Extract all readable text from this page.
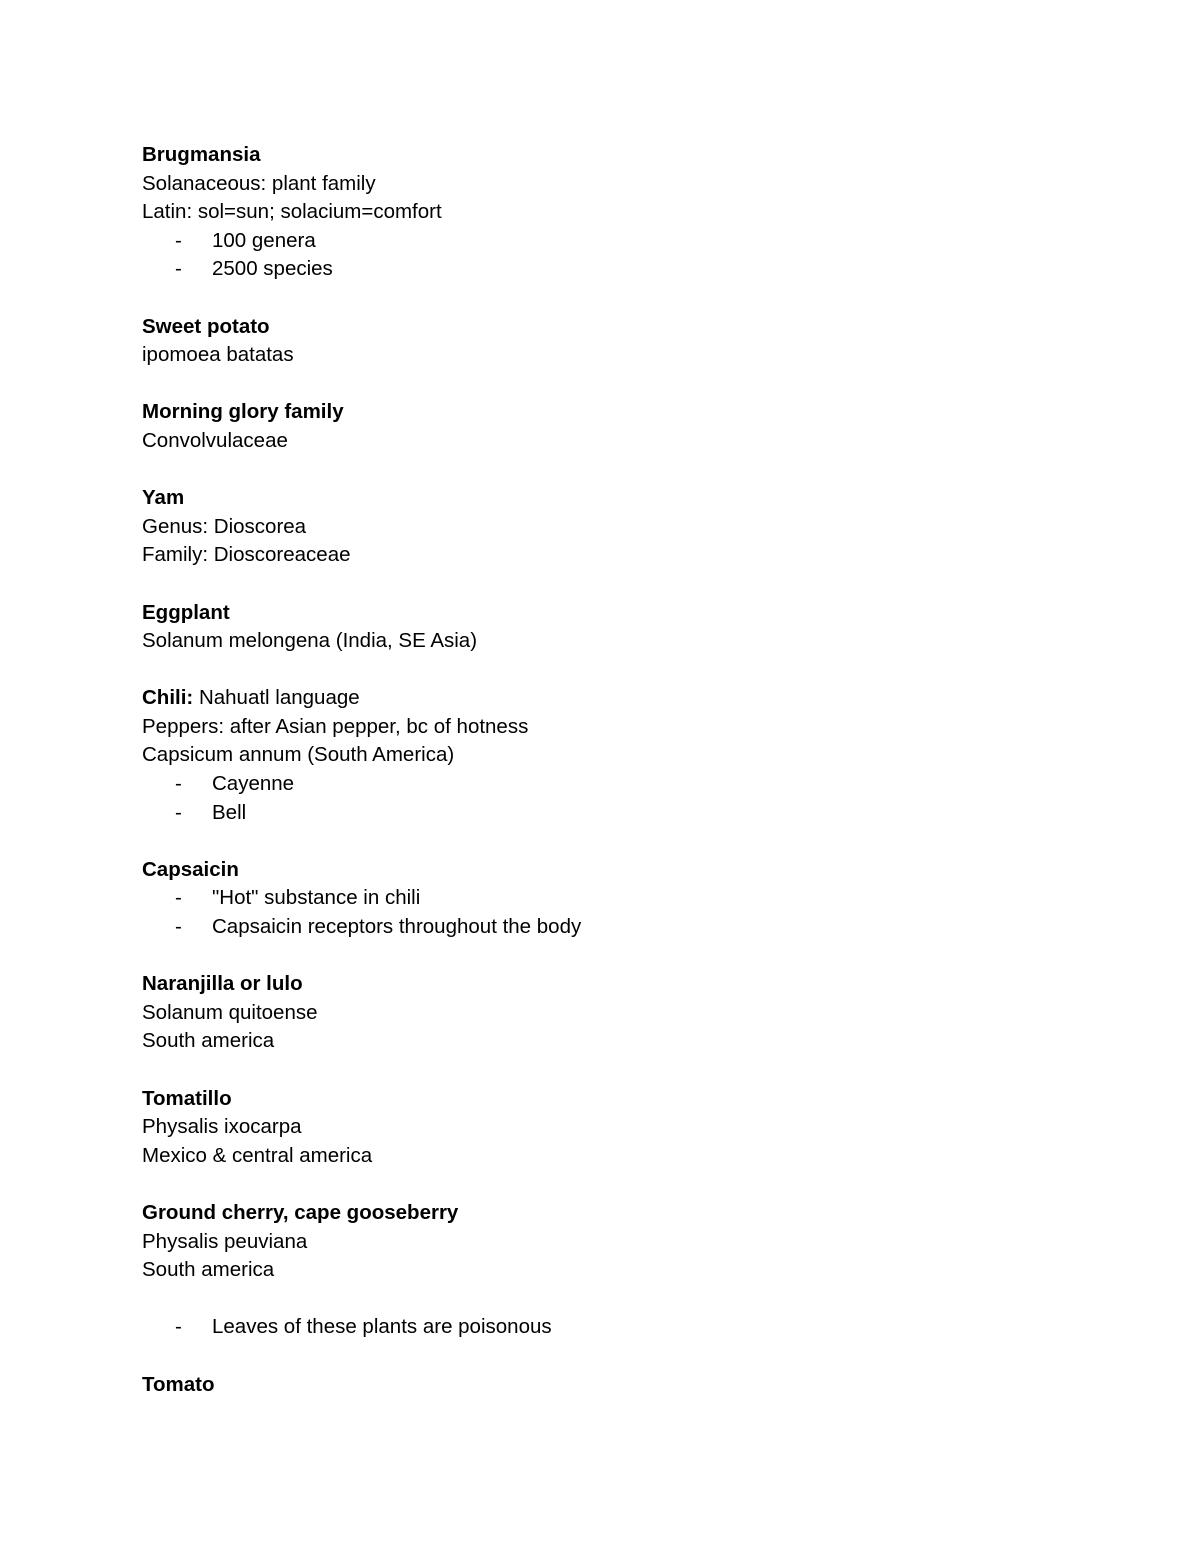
Brugmansia
Solanaceous: plant family
Latin: sol=sun; solacium=comfort
- 100 genera
- 2500 species
Sweet potato
ipomoea batatas
Morning glory family
Convolvulaceae
Yam
Genus: Dioscorea
Family: Dioscoreaceae
Eggplant
Solanum melongena (India, SE Asia)
Chili: Nahuatl language
Peppers: after Asian pepper, bc of hotness
Capsicum annum (South America)
- Cayenne
- Bell
Capsaicin
- "Hot" substance in chili
- Capsaicin receptors throughout the body
Naranjilla or lulo
Solanum quitoense
South america
Tomatillo
Physalis ixocarpa
Mexico & central america
Ground cherry, cape gooseberry
Physalis peuviana
South america
- Leaves of these plants are poisonous
Tomato
